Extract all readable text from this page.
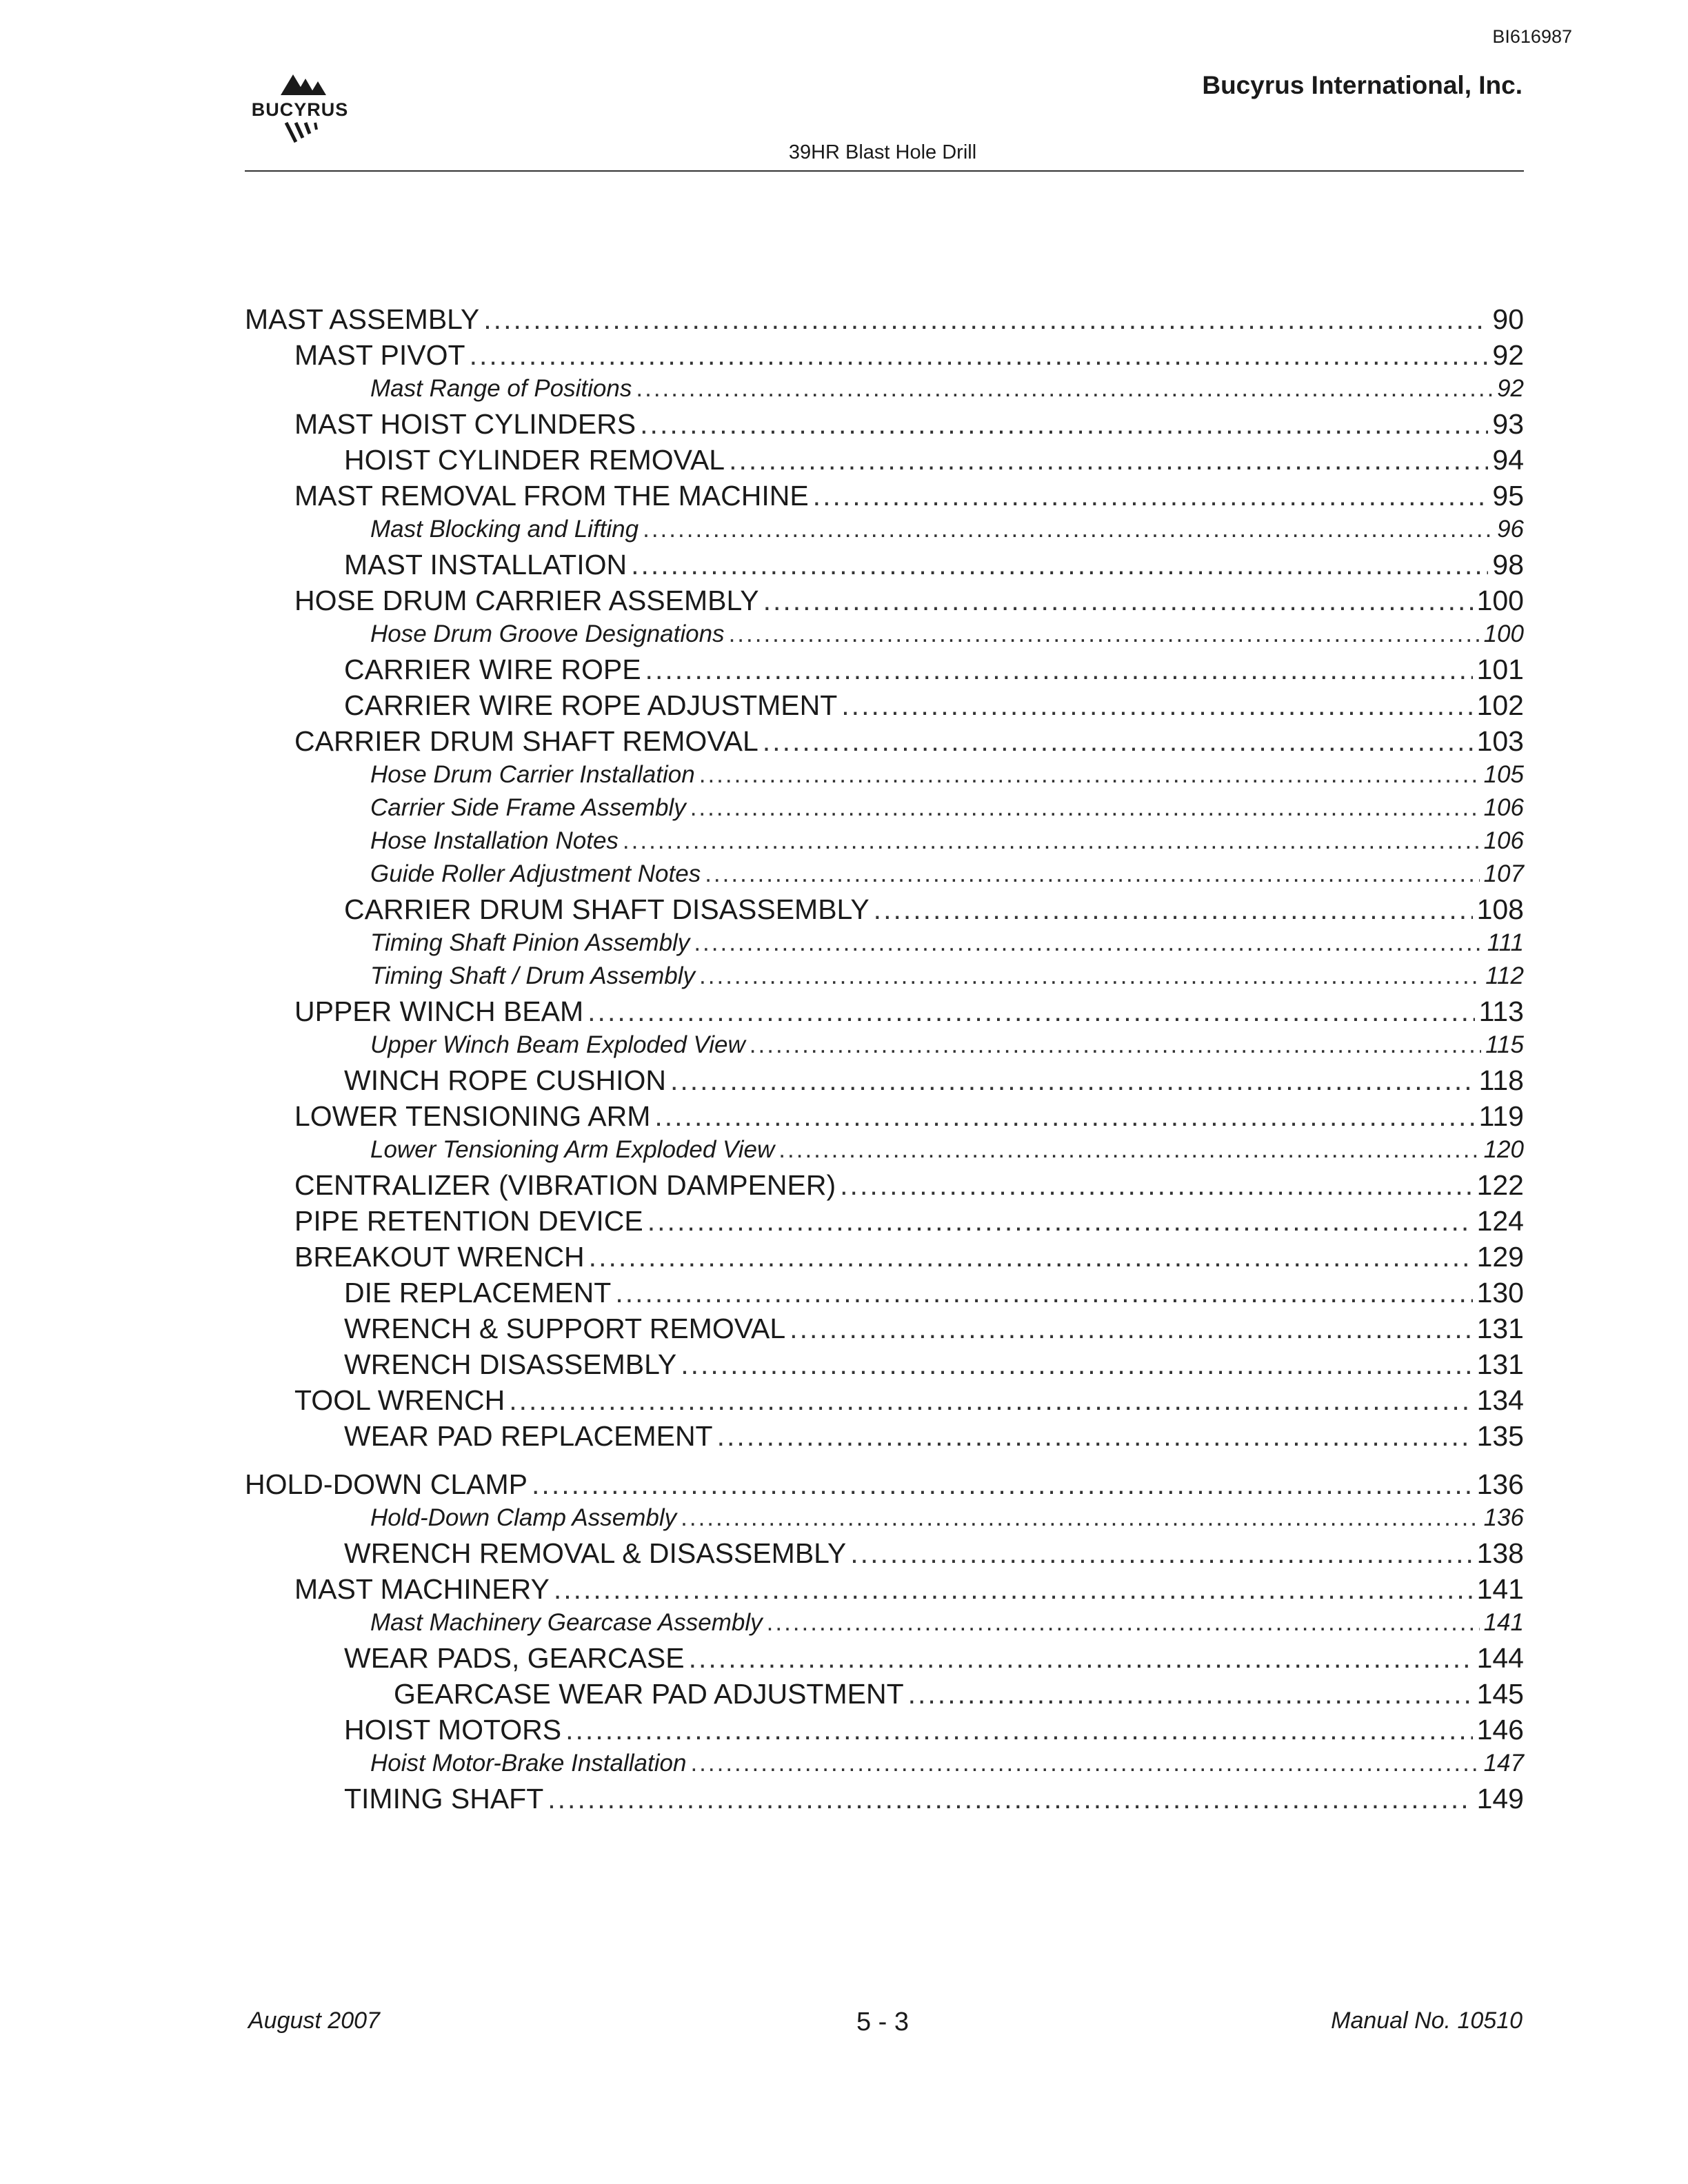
BI616987
BUCYRUS
Bucyrus International, Inc.
39HR Blast Hole Drill
MAST ASSEMBLY .....	90
MAST PIVOT .....	92
Mast Range of Positions .....	92
MAST HOIST CYLINDERS .....	93
HOIST CYLINDER REMOVAL .....	94
MAST REMOVAL FROM THE MACHINE .....	95
Mast Blocking and Lifting .....	96
MAST INSTALLATION .....	98
HOSE DRUM CARRIER ASSEMBLY .....	100
Hose Drum Groove Designations .....	100
CARRIER WIRE ROPE .....	101
CARRIER WIRE ROPE ADJUSTMENT .....	102
CARRIER DRUM SHAFT REMOVAL .....	103
Hose Drum Carrier Installation .....	105
Carrier Side Frame Assembly .....	106
Hose Installation Notes .....	106
Guide Roller Adjustment Notes .....	107
CARRIER DRUM SHAFT DISASSEMBLY .....	108
Timing Shaft Pinion Assembly .....	111
Timing Shaft / Drum Assembly .....	112
UPPER WINCH BEAM .....	113
Upper Winch Beam Exploded View .....	115
WINCH ROPE CUSHION .....	118
LOWER TENSIONING ARM .....	119
Lower Tensioning Arm Exploded View .....	120
CENTRALIZER (VIBRATION DAMPENER) .....	122
PIPE RETENTION DEVICE .....	124
BREAKOUT WRENCH .....	129
DIE REPLACEMENT .....	130
WRENCH & SUPPORT REMOVAL .....	131
WRENCH DISASSEMBLY .....	131
TOOL WRENCH .....	134
WEAR PAD REPLACEMENT .....	135
HOLD-DOWN CLAMP .....	136
Hold-Down Clamp Assembly .....	136
WRENCH REMOVAL & DISASSEMBLY .....	138
MAST MACHINERY .....	141
Mast Machinery Gearcase Assembly .....	141
WEAR PADS, GEARCASE .....	144
GEARCASE WEAR PAD ADJUSTMENT .....	145
HOIST MOTORS .....	146
Hoist Motor-Brake Installation .....	147
TIMING SHAFT .....	149
August 2007	5 - 3	Manual No. 10510
